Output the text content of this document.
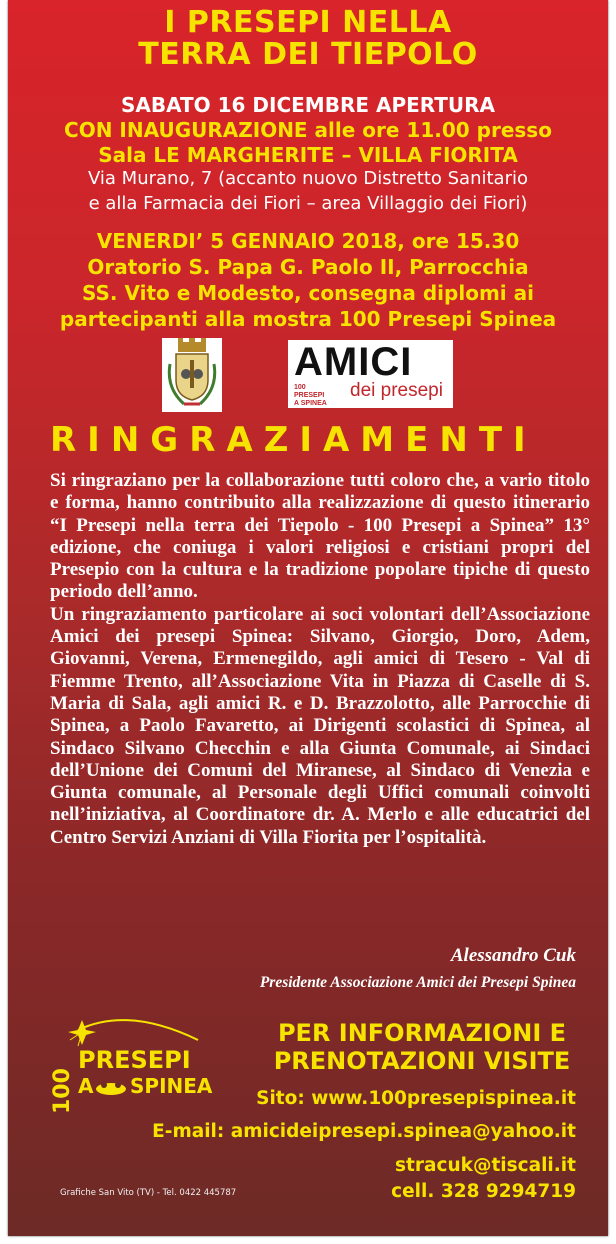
I PRESEPI NELLA
TERRA DEI TIEPOLO
SABATO 16 DICEMBRE APERTURA
CON INAUGURAZIONE alle ore 11.00 presso
Sala LE MARGHERITE – VILLA FIORITA
Via Murano, 7 (accanto nuovo Distretto Sanitario
e alla Farmacia dei Fiori – area Villaggio dei Fiori)
VENERDI’ 5 GENNAIO 2018, ore 15.30
Oratorio S. Papa G. Paolo II, Parrocchia
SS. Vito e Modesto, consegna diplomi ai
partecipanti alla mostra 100 Presepi Spinea
AMICI
100 PRESEPI
A SPINEA
dei presepi
RINGRAZIAMENTI

Si ringraziano per la collaborazione tutti coloro che, a vario titolo e forma, hanno contribuito alla realizzazione di questo itinerario “I Presepi nella terra dei Tiepolo - 100 Presepi a Spinea” 13° edizione, che coniuga i valori religiosi e cristiani propri del Presepio con la cultura e la tradizione popolare tipiche di questo periodo dell’anno.

Un ringraziamento particolare ai soci volontari dell’Associazione Amici dei presepi Spinea: Silvano, Giorgio, Doro, Adem, Giovanni, Verena, Ermenegildo, agli amici di Tesero - Val di Fiemme Trento, all’Associazione Vita in Piazza di Caselle di S. Maria di Sala, agli amici R. e D. Brazzolotto, alle Parrocchie di Spinea, a Paolo Favaretto, ai Dirigenti scolastici di Spinea, al Sindaco Silvano Checchin e alla Giunta Comunale, ai Sindaci dell’Unione dei Comuni del Miranese, al Sindaco di Venezia e Giunta comunale, al Personale degli Uffici comunali coinvolti nell’iniziativa, al Coordinatore dr. A. Merlo e alle educatrici del Centro Servizi Anziani di Villa Fiorita per l’ospitalità.

Alessandro Cuk
Presidente Associazione Amici dei Presepi Spinea
100
PRESEPI
A SPINEA
PER INFORMAZIONI E
PRENOTAZIONI VISITE
Sito: www.100presepispinea.it
E-mail: amicideipresepi.spinea@yahoo.it
stracuk@tiscali.it
cell. 328 9294719
Grafiche San Vito (TV) - Tel. 0422 445787
